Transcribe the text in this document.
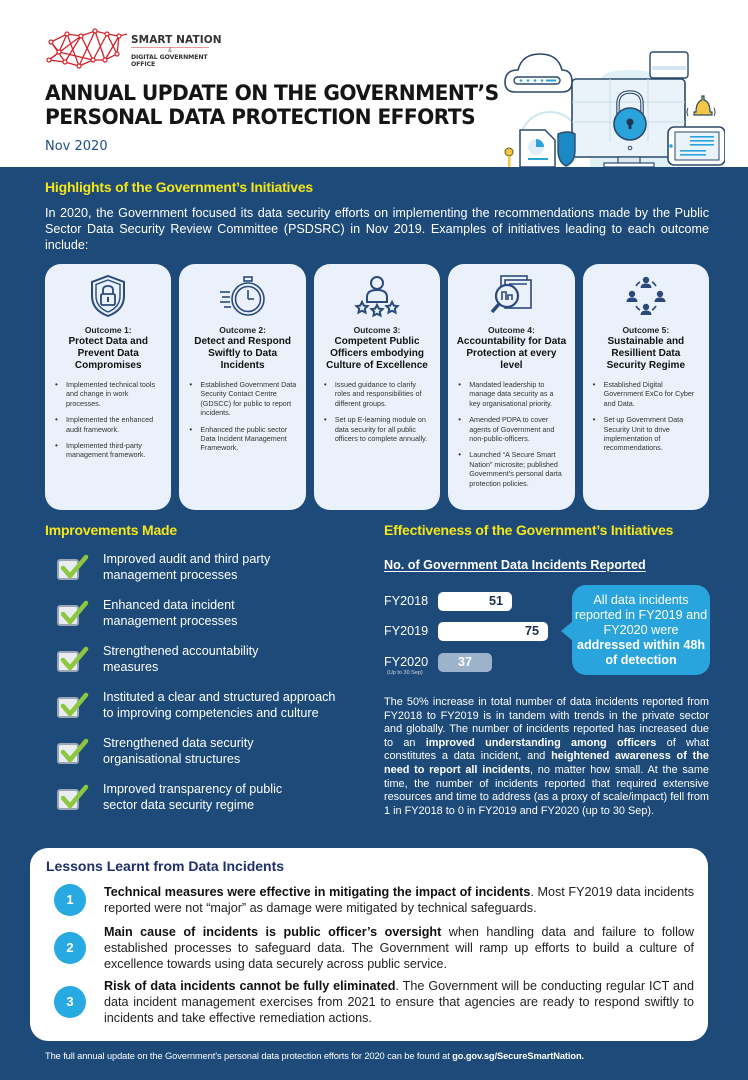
SMART NATION
&
DIGITAL GOVERNMENT OFFICE
ANNUAL UPDATE ON THE GOVERNMENT’S
PERSONAL DATA PROTECTION EFFORTS
Nov 2020
Highlights of the Government’s Initiatives
In 2020, the Government focused its data security efforts on implementing the recommendations made by the Public Sector Data Security Review Committee (PSDSRC) in Nov 2019. Examples of initiatives leading to each outcome include:
Outcome 1:
Protect Data and Prevent Data Compromises
• Implemented technical tools and change in work processes.
• Implemented the enhanced audit framework.
• Implemented third-party management framework.
Outcome 2:
Detect and Respond Swiftly to Data Incidents
• Established Government Data Security Contact Centre (GDSCC) for public to report incidents.
• Enhanced the public sector Data Incident Management Framework.
Outcome 3:
Competent Public Officers embodying Culture of Excellence
• Issued guidance to clarify roles and responsibilities of different groups.
• Set up E-learning module on data security for all public officers to complete annually.
Outcome 4:
Accountability for Data Protection at every level
• Mandated leadership to manage data security as a key organisational priority.
• Amended PDPA to cover agents of Government and non-public-officers.
• Launched “A Secure Smart Nation” microsite; published Government’s personal darta protection policies.
Outcome 5:
Sustainable and Resillient Data Security Regime
• Established Digital Government ExCo for Cyber and Data.
• Set up Government Data Security Unit to drive implementation of recommendations.
Improvements Made
Improved audit and third party
management processes
Enhanced data incident
management processes
Strengthened accountability
measures
Instituted a clear and structured approach
to improving competencies and culture
Strengthened data security
organisational structures
Improved transparency of public
sector data security regime
Effectiveness of the Government’s Initiatives
No. of Government Data Incidents Reported
FY2018	51
FY2019	75
FY2020	37
(Up to 30 Sep)
All data incidents reported in FY2019 and FY2020 were
addressed within 48h of detection
The 50% increase in total number of data incidents reported from FY2018 to FY2019 is in tandem with trends in the private sector and globally. The number of incidents reported has increased due to an improved understanding among officers of what constitutes a data incident, and heightened awareness of the need to report all incidents, no matter how small. At the same time, the number of incidents reported that required extensive resources and time to address (as a proxy of scale/impact) fell from 1 in FY2018 to 0 in FY2019 and FY2020 (up to 30 Sep).
Lessons Learnt from Data Incidents
1	Technical measures were effective in mitigating the impact of incidents. Most FY2019 data incidents reported were not “major” as damage were mitigated by technical safeguards.
2
Main cause of incidents is public officer’s oversight when handling data and failure to follow established processes to safeguard data. The Government will ramp up efforts to build a culture of excellence towards using data securely across public service.
3
Risk of data incidents cannot be fully eliminated. The Government will be conducting regular ICT and data incident management exercises from 2021 to ensure that agencies are ready to respond swiftly to incidents and take effective remediation actions.
The full annual update on the Government’s personal data protection efforts for 2020 can be found at go.gov.sg/SecureSmartNation.
